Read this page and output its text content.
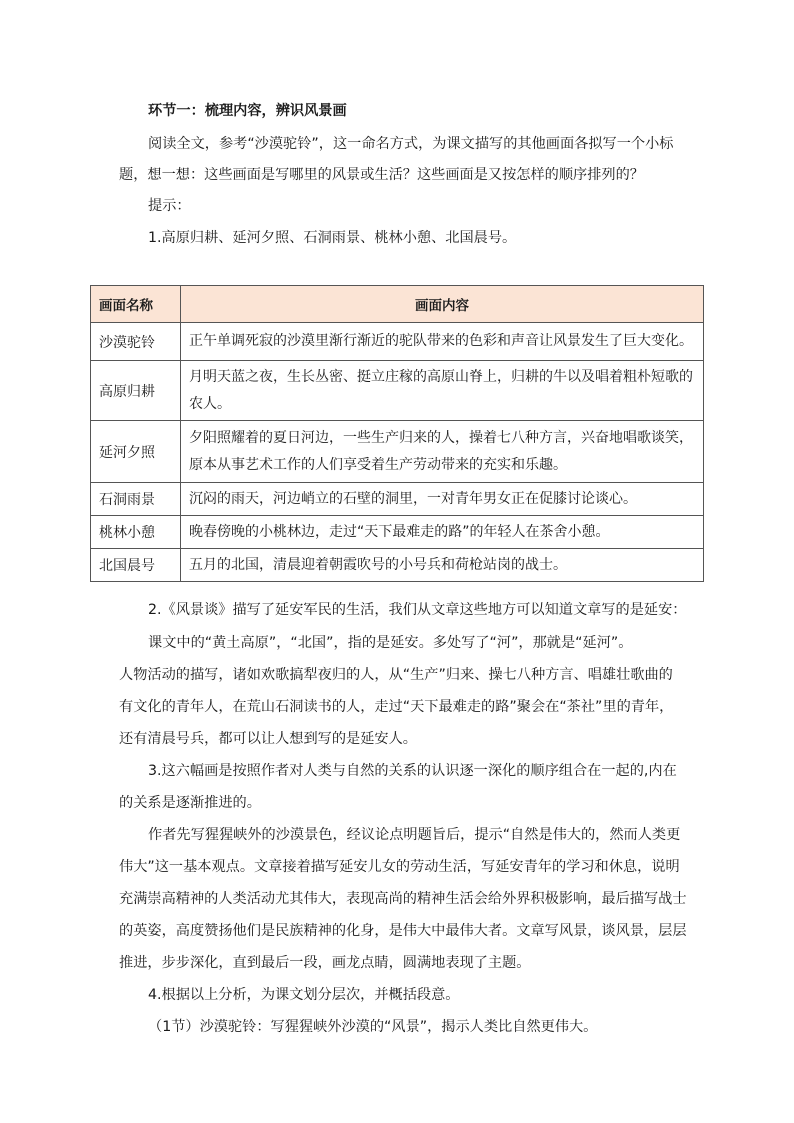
环节一：梳理内容，辨识风景画
阅读全文，参考“沙漠驼铃”，这一命名方式，为课文描写的其他画面各拟写一个小标
题，想一想：这些画面是写哪里的风景或生活？这些画面是又按怎样的顺序排列的？
提示：
1.高原归耕、延河夕照、石洞雨景、桃林小憩、北国晨号。
画面名称	画面内容
沙漠驼铃	正午单调死寂的沙漠里渐行渐近的驼队带来的色彩和声音让风景发生了巨大变化。
高原归耕	月明天蓝之夜，生长丛密、挺立庄稼的高原山脊上，归耕的牛以及唱着粗朴短歌的
农人。
延河夕照	夕阳照耀着的夏日河边，一些生产归来的人，操着七八种方言，兴奋地唱歌谈笑，
原本从事艺术工作的人们享受着生产劳动带来的充实和乐趣。
石洞雨景	沉闷的雨天，河边峭立的石壁的洞里，一对青年男女正在促膝讨论谈心。
桃林小憩	晚春傍晚的小桃林边，走过“天下最难走的路”的年轻人在茶舍小憩。
北国晨号	五月的北国，清晨迎着朝霞吹号的小号兵和荷枪站岗的战士。
2.《风景谈》描写了延安军民的生活，我们从文章这些地方可以知道文章写的是延安：
课文中的“黄土高原”，“北国”，指的是延安。多处写了“河”，那就是“延河”。
人物活动的描写，诸如欢歌搞犁夜归的人，从“生产”归来、操七八种方言、唱雄壮歌曲的
有文化的青年人，在荒山石洞读书的人，走过“天下最难走的路”聚会在“茶社”里的青年，
还有清晨号兵，都可以让人想到写的是延安人。
3.这六幅画是按照作者对人类与自然的关系的认识逐一深化的顺序组合在一起的,内在
的关系是逐渐推进的。
作者先写猩猩峡外的沙漠景色，经议论点明题旨后，提示“自然是伟大的，然而人类更
伟大”这一基本观点。文章接着描写延安儿女的劳动生活，写延安青年的学习和休息，说明
充满崇高精神的人类活动尤其伟大，表现高尚的精神生活会给外界积极影响，最后描写战士
的英姿，高度赞扬他们是民族精神的化身，是伟大中最伟大者。文章写风景，谈风景，层层
推进，步步深化，直到最后一段，画龙点睛，圆满地表现了主题。
4.根据以上分析，为课文划分层次，并概括段意。
（1节）沙漠驼铃：写猩猩峡外沙漠的“风景”，揭示人类比自然更伟大。
